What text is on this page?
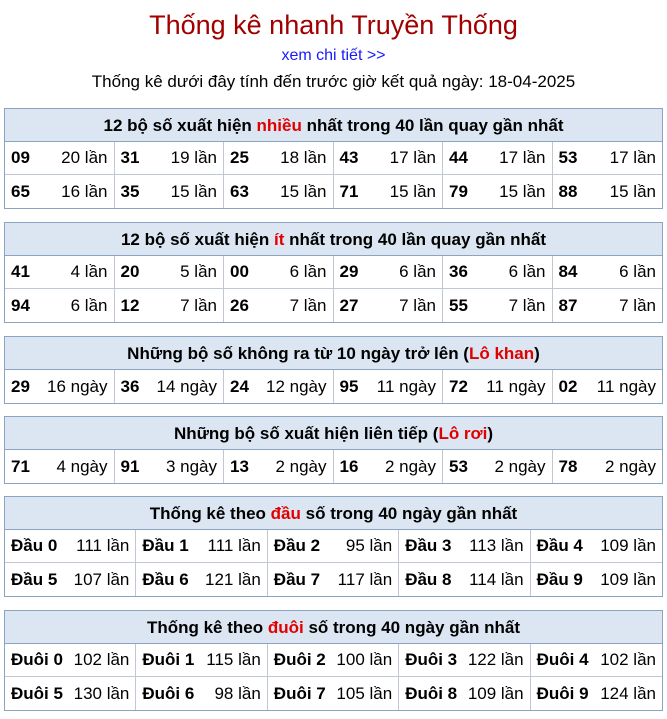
Thống kê nhanh Truyền Thống
xem chi tiết >>
Thống kê dưới đây tính đến trước giờ kết quả ngày: 18-04-2025
12 bộ số xuất hiện nhiều nhất trong 40 lần quay gần nhất
09 20 lần 31 19 lần 25 18 lần 43 17 lần 44 17 lần 53 17 lần
65 16 lần 35 15 lần 63 15 lần 71 15 lần 79 15 lần 88 15 lần
12 bộ số xuất hiện ít nhất trong 40 lần quay gần nhất
41 4 lần 20 5 lần 00 6 lần 29 6 lần 36 6 lần 84 6 lần
94 6 lần 12 7 lần 26 7 lần 27 7 lần 55 7 lần 87 7 lần
Những bộ số không ra từ 10 ngày trở lên (Lô khan)
29 16 ngày 36 14 ngày 24 12 ngày 95 11 ngày 72 11 ngày 02 11 ngày
Những bộ số xuất hiện liên tiếp (Lô rơi)
71 4 ngày 91 3 ngày 13 2 ngày 16 2 ngày 53 2 ngày 78 2 ngày
Thống kê theo đầu số trong 40 ngày gần nhất
Đầu 0 111 lần Đầu 1 111 lần Đầu 2 95 lần Đầu 3 113 lần Đầu 4 109 lần
Đầu 5 107 lần Đầu 6 121 lần Đầu 7 117 lần Đầu 8 114 lần Đầu 9 109 lần
Thống kê theo đuôi số trong 40 ngày gần nhất
Đuôi 0 102 lần Đuôi 1 115 lần Đuôi 2 100 lần Đuôi 3 122 lần Đuôi 4 102 lần
Đuôi 5 130 lần Đuôi 6 98 lần Đuôi 7 105 lần Đuôi 8 109 lần Đuôi 9 124 lần
